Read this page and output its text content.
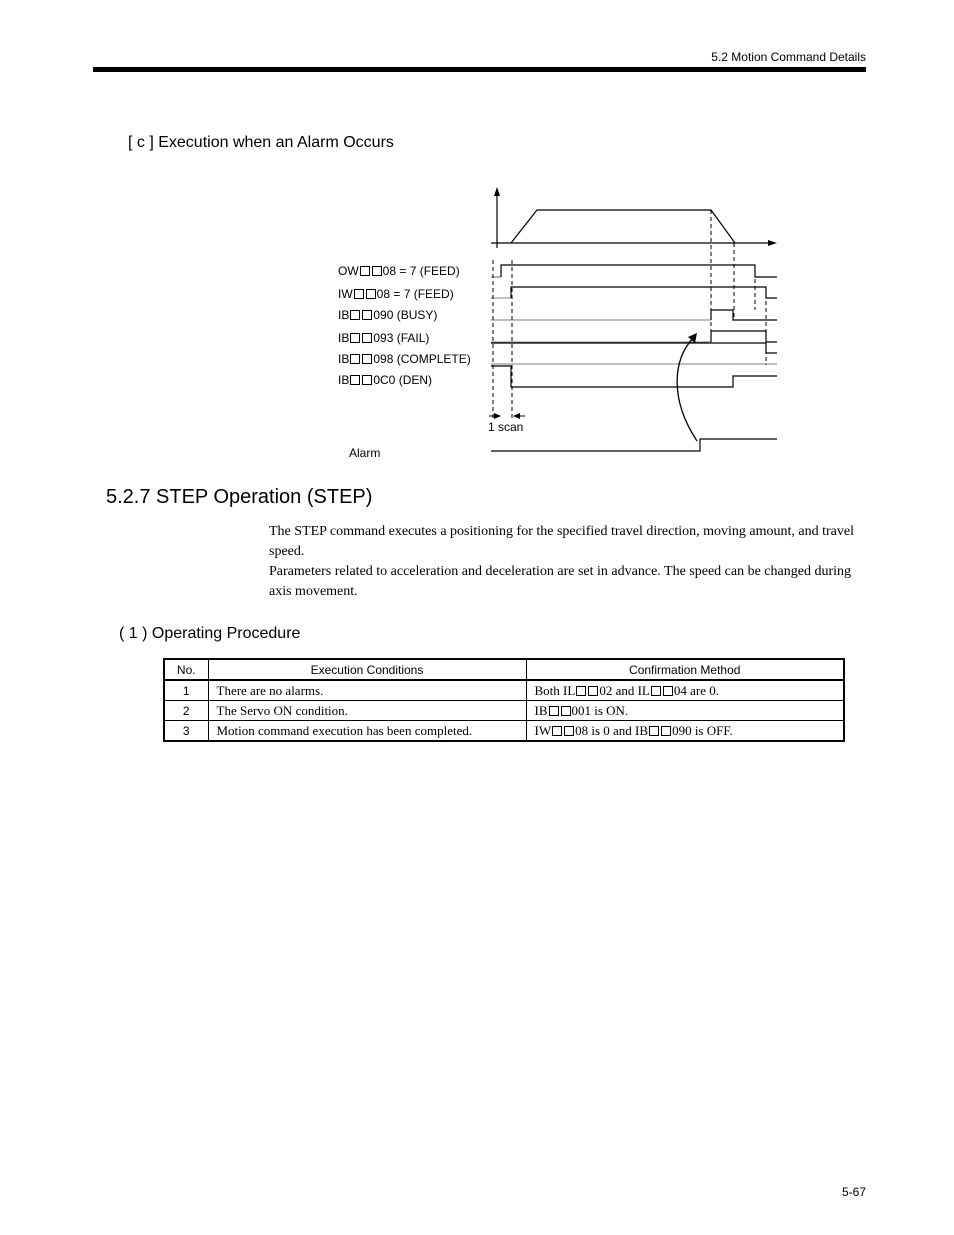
5.2 Motion Command Details
[ c ] Execution when an Alarm Occurs
OW 08 = 7 (FEED)
IW 08 = 7 (FEED)
IB 090 (BUSY)
IB 093 (FAIL)
IB 098 (COMPLETE)
IB 0C0 (DEN)
1 scan
Alarm
5.2.7 STEP Operation (STEP)
The STEP command executes a positioning for the specified travel direction, moving amount, and travel speed.
Parameters related to acceleration and deceleration are set in advance. The speed can be changed during axis movement.
( 1 ) Operating Procedure
No.	Execution Conditions	Confirmation Method
1	There are no alarms.	Both IL 02 and IL 04 are 0.
2	The Servo ON condition.	IB 001 is ON.
3	Motion command execution has been completed.	IW 08 is 0 and IB 090 is OFF.
5-67
